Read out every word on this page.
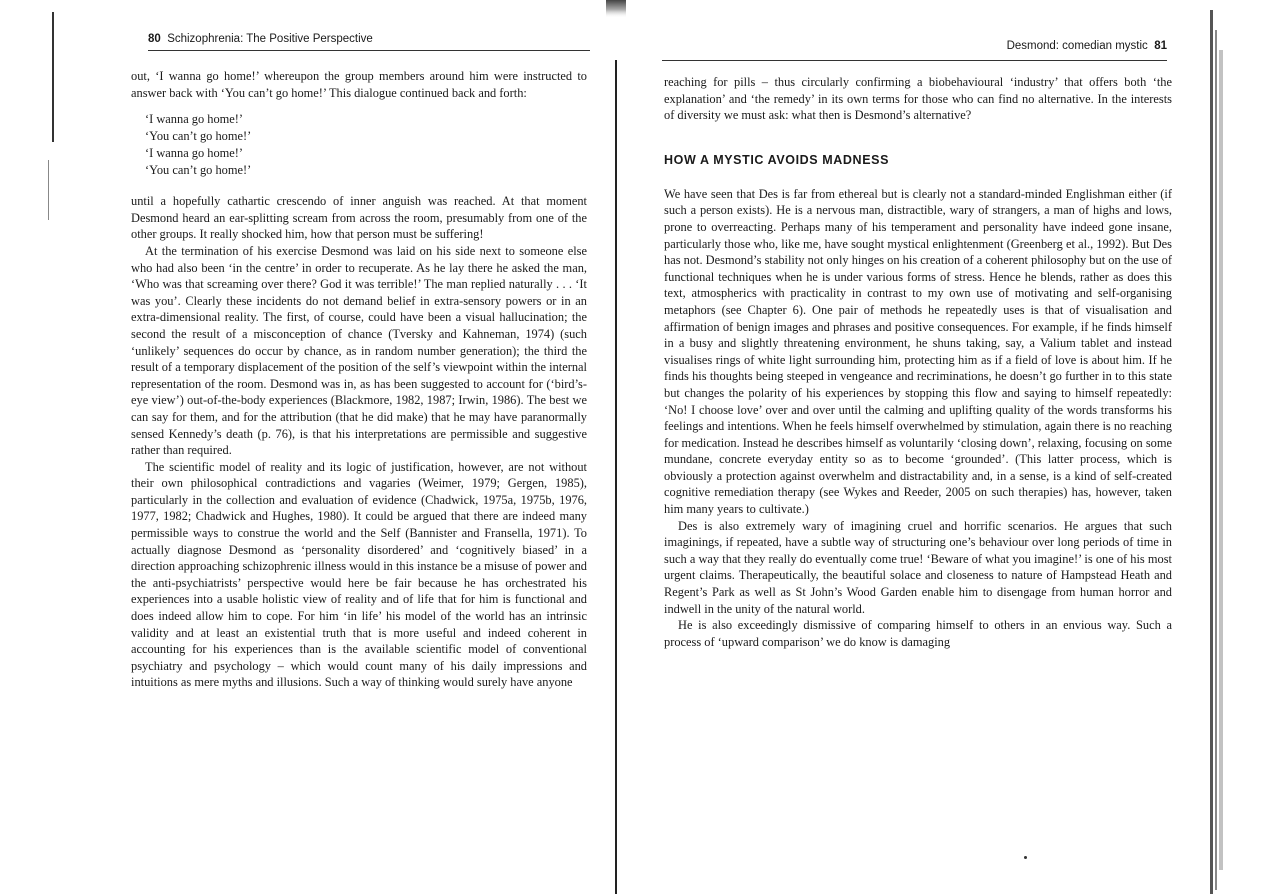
80 Schizophrenia: The Positive Perspective

out, ‘I wanna go home!’ whereupon the group members around him were instructed to answer back with ‘You can’t go home!’ This dialogue continued back and forth:

‘I wanna go home!’
‘You can’t go home!’
‘I wanna go home!’
‘You can’t go home!’

until a hopefully cathartic crescendo of inner anguish was reached. At that moment Desmond heard an ear-splitting scream from across the room, presumably from one of the other groups. It really shocked him, how that person must be suffering!

At the termination of his exercise Desmond was laid on his side next to someone else who had also been ‘in the centre’ in order to recuperate. As he lay there he asked the man, ‘Who was that screaming over there? God it was terrible!’ The man replied naturally . . . ‘It was you’. Clearly these incidents do not demand belief in extra-sensory powers or in an extra-dimensional reality. The first, of course, could have been a visual hallucination; the second the result of a misconception of chance (Tversky and Kahneman, 1974) (such ‘unlikely’ sequences do occur by chance, as in random number generation); the third the result of a temporary displacement of the position of the self’s viewpoint within the internal representation of the room. Desmond was in, as has been suggested to account for (‘bird’s-eye view’) out-of-the-body experiences (Blackmore, 1982, 1987; Irwin, 1986). The best we can say for them, and for the attribution (that he did make) that he may have paranormally sensed Kennedy’s death (p. 76), is that his interpretations are permissible and suggestive rather than required.

The scientific model of reality and its logic of justification, however, are not without their own philosophical contradictions and vagaries (Weimer, 1979; Gergen, 1985), particularly in the collection and evaluation of evidence (Chadwick, 1975a, 1975b, 1976, 1977, 1982; Chadwick and Hughes, 1980). It could be argued that there are indeed many permissible ways to construe the world and the Self (Bannister and Fransella, 1971). To actually diagnose Desmond as ‘personality disordered’ and ‘cognitively biased’ in a direction approaching schizophrenic illness would in this instance be a misuse of power and the anti-psychiatrists’ perspective would here be fair because he has orchestrated his experiences into a usable holistic view of reality and of life that for him is functional and does indeed allow him to cope. For him ‘in life’ his model of the world has an intrinsic validity and at least an existential truth that is more useful and indeed coherent in accounting for his experiences than is the available scientific model of conventional psychiatry and psychology – which would count many of his daily impressions and intuitions as mere myths and illusions. Such a way of thinking would surely have anyone

Desmond: comedian mystic 81

reaching for pills – thus circularly confirming a biobehavioural ‘industry’ that offers both ‘the explanation’ and ‘the remedy’ in its own terms for those who can find no alternative. In the interests of diversity we must ask: what then is Desmond’s alternative?

HOW A MYSTIC AVOIDS MADNESS

We have seen that Des is far from ethereal but is clearly not a standard-minded Englishman either (if such a person exists). He is a nervous man, distractible, wary of strangers, a man of highs and lows, prone to overreacting. Perhaps many of his temperament and personality have indeed gone insane, particularly those who, like me, have sought mystical enlightenment (Greenberg et al., 1992). But Des has not. Desmond’s stability not only hinges on his creation of a coherent philosophy but on the use of functional techniques when he is under various forms of stress. Hence he blends, rather as does this text, atmospherics with practicality in contrast to my own use of motivating and self-organising metaphors (see Chapter 6). One pair of methods he repeatedly uses is that of visualisation and affirmation of benign images and phrases and positive consequences. For example, if he finds himself in a busy and slightly threatening environment, he shuns taking, say, a Valium tablet and instead visualises rings of white light surrounding him, protecting him as if a field of love is about him. If he finds his thoughts being steeped in vengeance and recriminations, he doesn’t go further in to this state but changes the polarity of his experiences by stopping this flow and saying to himself repeatedly: ‘No! I choose love’ over and over until the calming and uplifting quality of the words transforms his feelings and intentions. When he feels himself overwhelmed by stimulation, again there is no reaching for medication. Instead he describes himself as voluntarily ‘closing down’, relaxing, focusing on some mundane, concrete everyday entity so as to become ‘grounded’. (This latter process, which is obviously a protection against overwhelm and distractability and, in a sense, is a kind of self-created cognitive remediation therapy (see Wykes and Reeder, 2005 on such therapies) has, however, taken him many years to cultivate.)

Des is also extremely wary of imagining cruel and horrific scenarios. He argues that such imaginings, if repeated, have a subtle way of structuring one’s behaviour over long periods of time in such a way that they really do eventually come true! ‘Beware of what you imagine!’ is one of his most urgent claims. Therapeutically, the beautiful solace and closeness to nature of Hampstead Heath and Regent’s Park as well as St John’s Wood Garden enable him to disengage from human horror and indwell in the unity of the natural world.

He is also exceedingly dismissive of comparing himself to others in an envious way. Such a process of ‘upward comparison’ we do know is damaging
